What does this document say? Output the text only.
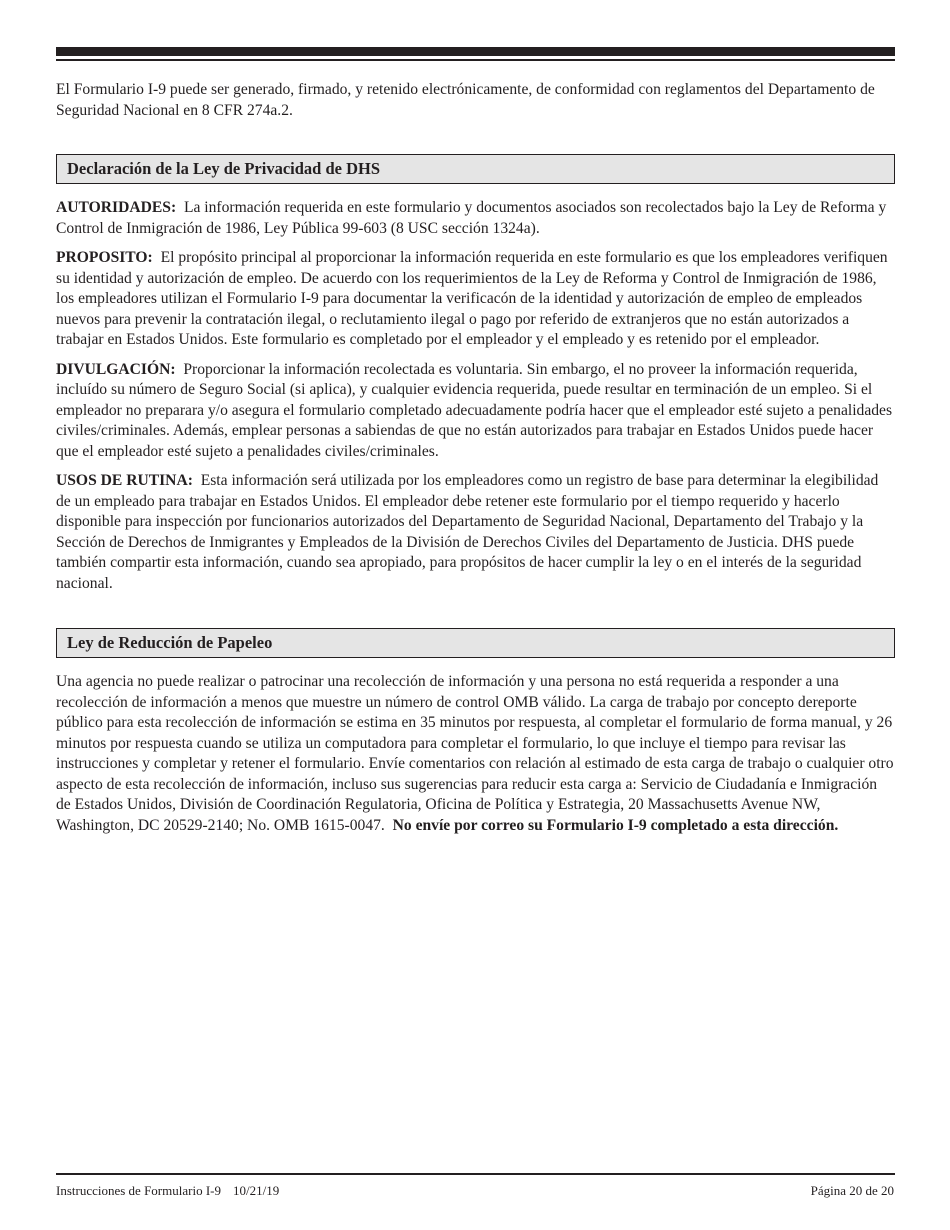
El Formulario I-9 puede ser generado, firmado, y retenido electrónicamente, de conformidad con reglamentos del Departamento de Seguridad Nacional en 8 CFR 274a.2.

Declaración de la Ley de Privacidad de DHS

AUTORIDADES: La información requerida en este formulario y documentos asociados son recolectados bajo la Ley de Reforma y Control de Inmigración de 1986, Ley Pública 99-603 (8 USC sección 1324a).

PROPOSITO: El propósito principal al proporcionar la información requerida en este formulario es que los empleadores verifiquen su identidad y autorización de empleo. De acuerdo con los requerimientos de la Ley de Reforma y Control de Inmigración de 1986, los empleadores utilizan el Formulario I-9 para documentar la verificacón de la identidad y autorización de empleo de empleados nuevos para prevenir la contratación ilegal, o reclutamiento ilegal o pago por referido de extranjeros que no están autorizados a trabajar en Estados Unidos. Este formulario es completado por el empleador y el empleado y es retenido por el empleador.

DIVULGACIÓN: Proporcionar la información recolectada es voluntaria. Sin embargo, el no proveer la información requerida, incluído su número de Seguro Social (si aplica), y cualquier evidencia requerida, puede resultar en terminación de un empleo. Si el empleador no preparara y/o asegura el formulario completado adecuadamente podría hacer que el empleador esté sujeto a penalidades civiles/criminales. Además, emplear personas a sabiendas de que no están autorizados para trabajar en Estados Unidos puede hacer que el empleador esté sujeto a penalidades civiles/criminales.

USOS DE RUTINA: Esta información será utilizada por los empleadores como un registro de base para determinar la elegibilidad de un empleado para trabajar en Estados Unidos. El empleador debe retener este formulario por el tiempo requerido y hacerlo disponible para inspección por funcionarios autorizados del Departamento de Seguridad Nacional, Departamento del Trabajo y la Sección de Derechos de Inmigrantes y Empleados de la División de Derechos Civiles del Departamento de Justicia. DHS puede también compartir esta información, cuando sea apropiado, para propósitos de hacer cumplir la ley o en el interés de la seguridad nacional.

Ley de Reducción de Papeleo

Una agencia no puede realizar o patrocinar una recolección de información y una persona no está requerida a responder a una recolección de información a menos que muestre un número de control OMB válido. La carga de trabajo por concepto dereporte público para esta recolección de información se estima en 35 minutos por respuesta, al completar el formulario de forma manual, y 26 minutos por respuesta cuando se utiliza un computadora para completar el formulario, lo que incluye el tiempo para revisar las instrucciones y completar y retener el formulario. Envíe comentarios con relación al estimado de esta carga de trabajo o cualquier otro aspecto de esta recolección de información, incluso sus sugerencias para reducir esta carga a: Servicio de Ciudadanía e Inmigración de Estados Unidos, División de Coordinación Regulatoria, Oficina de Política y Estrategia, 20 Massachusetts Avenue NW, Washington, DC 20529-2140; No. OMB 1615-0047. No envíe por correo su Formulario I-9 completado a esta dirección.

Instrucciones de Formulario I-9 10/21/19	Página 20 de 20
